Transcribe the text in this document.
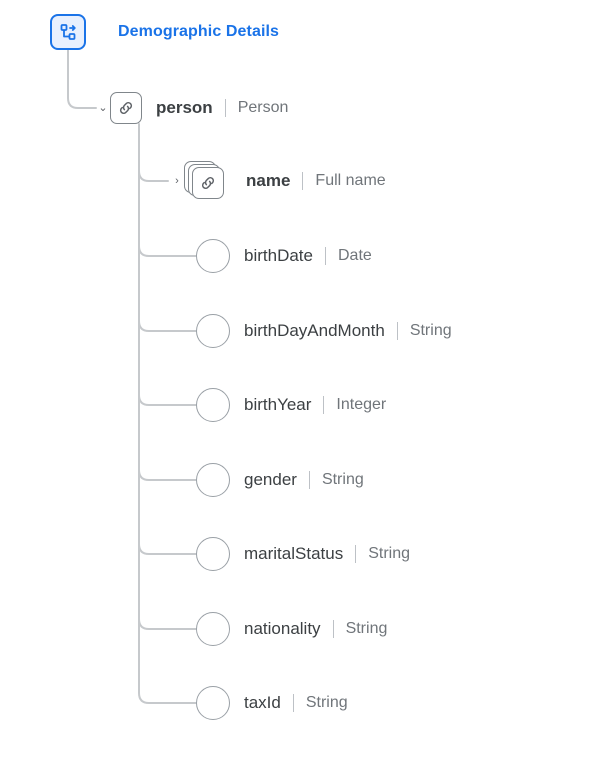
Demographic Details
⌄	person Person
›	name Full name
birthDate Date
birthDayAndMonth String
birthYear Integer
gender String
maritalStatus String
nationality String
taxId String
